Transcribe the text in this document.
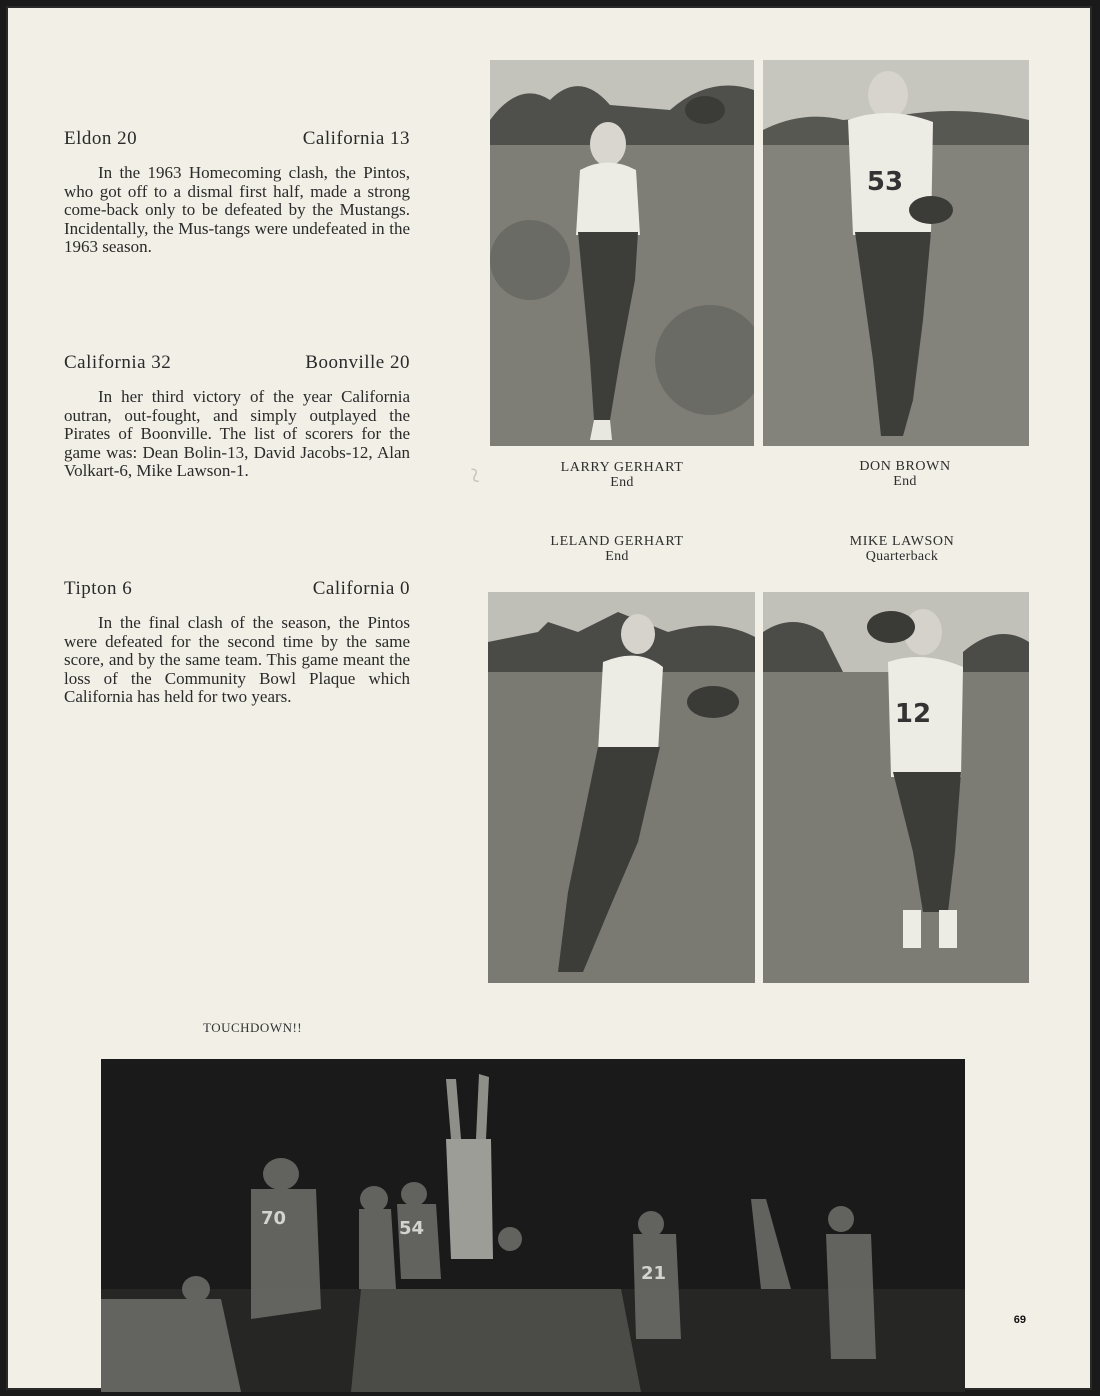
Eldon 20	California 13

In the 1963 Homecoming clash, the Pintos, who got off to a dismal first half, made a strong come-back only to be defeated by the Mustangs. Incidentally, the Mus-tangs were undefeated in the 1963 season.

California 32	Boonville 20

In her third victory of the year California outran, out-fought, and simply outplayed the Pirates of Boonville. The list of scorers for the game was: Dean Bolin-13, David Jacobs-12, Alan Volkart-6, Mike Lawson-1.

Tipton 6	California 0

In the final clash of the season, the Pintos were defeated for the second time by the same score, and by the same team. This game meant the loss of the Community Bowl Plaque which California has held for two years.

53
LARRY GERHART
End
DON BROWN
End
LELAND GERHART
End
MIKE LAWSON
Quarterback
~
12
TOUCHDOWN!!
70	54
21
69
